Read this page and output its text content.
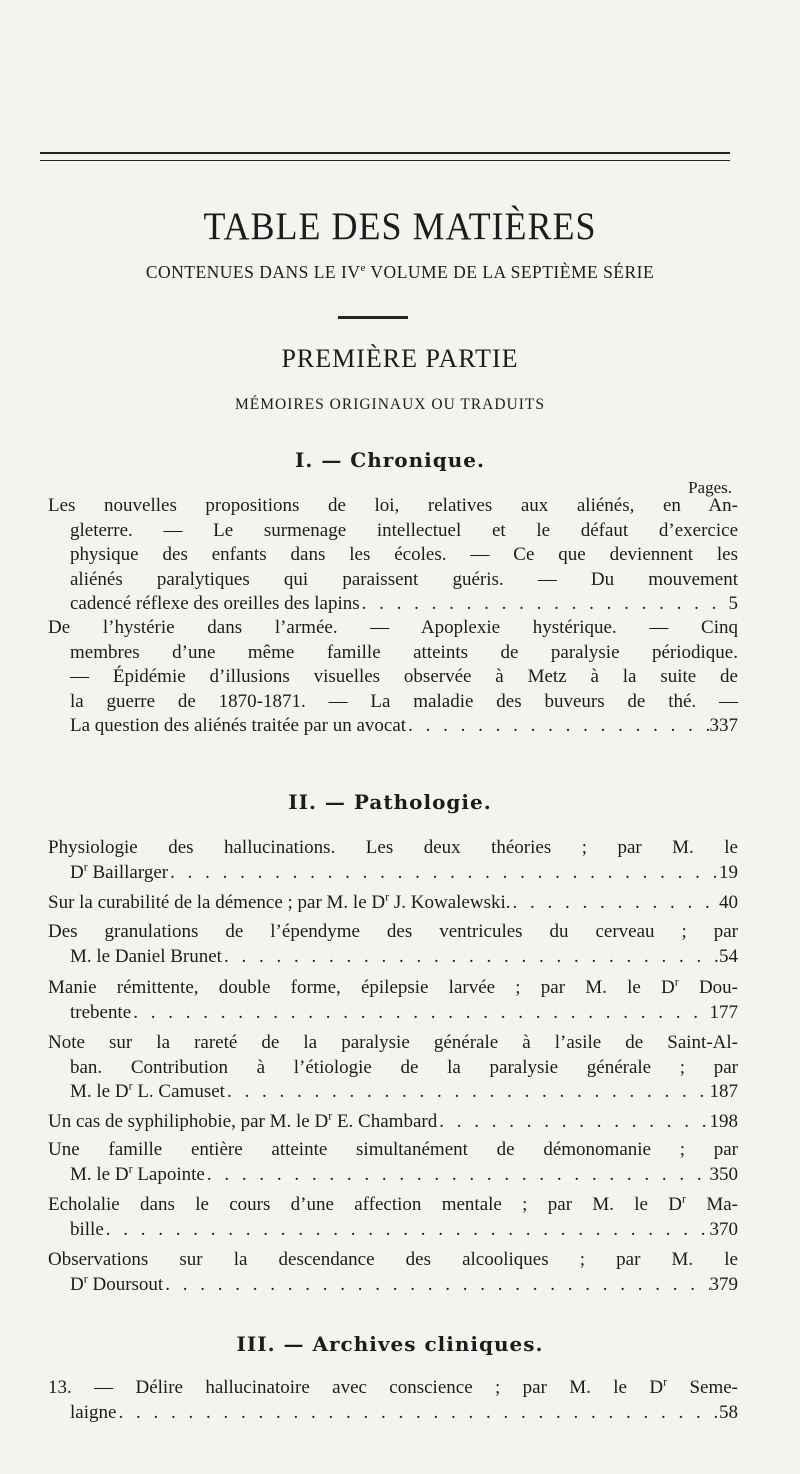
TABLE DES MATIÈRES
CONTENUES DANS LE IVe VOLUME DE LA SEPTIÈME SÉRIE
PREMIÈRE PARTIE
MÉMOIRES ORIGINAUX OU TRADUITS
I. — Chronique.
Pages.
Les nouvelles propositions de loi, relatives aux aliénés, en An-
gleterre. — Le surmenage intellectuel et le défaut d’exercice
physique des enfants dans les écoles. — Ce que deviennent les
aliénés paralytiques qui paraissent guéris. — Du mouvement
cadencé réflexe des oreilles des lapins . . .	5
De l’hystérie dans l’armée. — Apoplexie hystérique. — Cinq
membres d’une même famille atteints de paralysie périodique.
— Épidémie d’illusions visuelles observée à Metz à la suite de
la guerre de 1870-1871. — La maladie des buveurs de thé. —
La question des aliénés traitée par un avocat . . .	337
II. — Pathologie.
Physiologie des hallucinations. Les deux théories ; par M. le
$D^r$ Baillarger . . .	19
Sur la curabilité de la démence ; par M. le $D^r$ J. Kowalewski. . . .	40
Des granulations de l’épendyme des ventricules du cerveau ; par
M. le Daniel Brunet . . .	54
Manie rémittente, double forme, épilepsie larvée ; par M. le $D^r$ Dou-
trebente . . .	177
Note sur la rareté de la paralysie générale à l’asile de Saint-Al-
ban. Contribution à l’étiologie de la paralysie générale ; par
M. le $D^r$ L. Camuset . . .	187
Un cas de syphiliphobie, par M. le $D^r$ E. Chambard . . .	198
Une famille entière atteinte simultanément de démonomanie ; par
M. le $D^r$ Lapointe . . .	350
Echolalie dans le cours d’une affection mentale ; par M. le $D^r$ Ma-
bille . . .	370
Observations sur la descendance des alcooliques ; par M. le
$D^r$ Doursout . . .	379
III. — Archives cliniques.
13. — Délire hallucinatoire avec conscience ; par M. le $D^r$ Seme-
laigne . . .	58
